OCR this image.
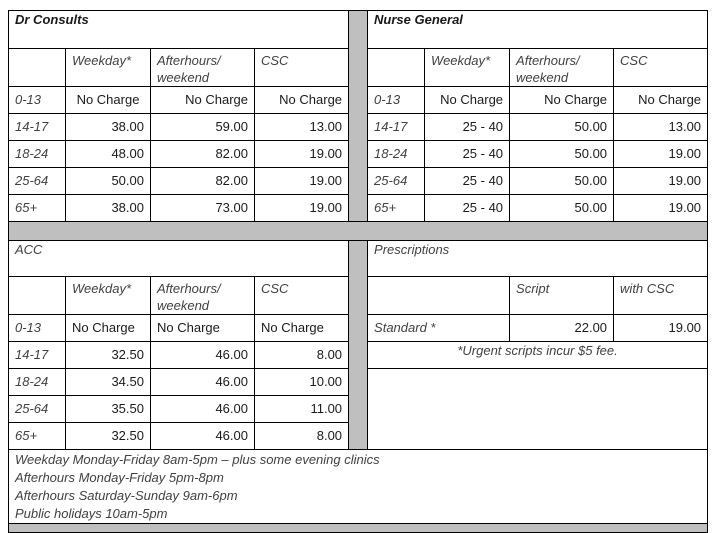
Dr Consults					Nurse General			
	Weekday*	Afterhours/ weekend	CSC			Weekday*	Afterhours/ weekend	CSC
0-13	No Charge	No Charge	No Charge		0-13	No Charge	No Charge	No Charge
14-17	38.00	59.00	13.00		14-17	25 - 40	50.00	13.00
18-24	48.00	82.00	19.00		18-24	25 - 40	50.00	19.00
25-64	50.00	82.00	19.00		25-64	25 - 40	50.00	19.00
65+	38.00	73.00	19.00		65+	25 - 40	50.00	19.00

ACC					Prescriptions			
	Weekday*	Afterhours/ weekend	CSC				Script	with CSC
0-13	No Charge	No Charge	No Charge		Standard *		22.00	19.00
14-17	32.50	46.00	8.00		*Urgent scripts incur $5 fee.			
18-24	34.50	46.00	10.00					
25-64	35.50	46.00	11.00					
65+	32.50	46.00	8.00					

Weekday Monday-Friday 8am-5pm – plus some evening clinics
Afterhours Monday-Friday 5pm-8pm
Afterhours Saturday-Sunday 9am-6pm
Public holidays 10am-5pm								
